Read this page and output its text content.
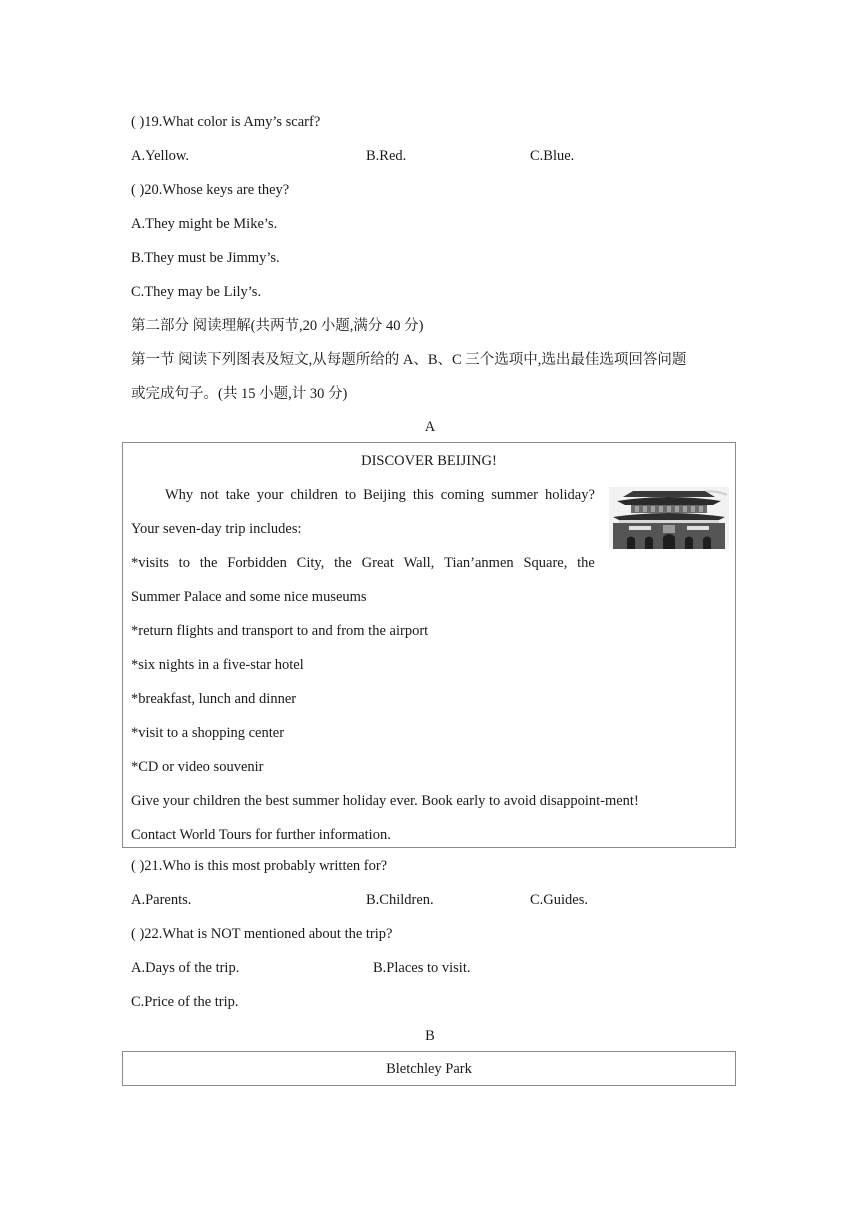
( )19.What color is Amy’s scarf?
A.Yellow.	B.Red.	C.Blue.
( )20.Whose keys are they?
A.They might be Mike’s.
B.They must be Jimmy’s.
C.They may be Lily’s.
第二部分 阅读理解(共两节,20 小题,满分 40 分)
第一节 阅读下列图表及短文,从每题所给的 A、B、C 三个选项中,选出最佳选项回答问题
或完成句子。(共 15 小题,计 30 分)
A
DISCOVER BEIJING!
Why not take your children to Beijing this coming summer holiday?
Your seven-day trip includes:
*visits to the Forbidden City, the Great Wall, Tian’anmen Square, the
Summer Palace and some nice museums
*return flights and transport to and from the airport
*six nights in a five-star hotel
*breakfast, lunch and dinner
*visit to a shopping center
*CD or video souvenir
Give your children the best summer holiday ever. Book early to avoid disappoint-ment!
Contact World Tours for further information.
( )21.Who is this most probably written for?
A.Parents.	B.Children.	C.Guides.
( )22.What is NOT mentioned about the trip?
A.Days of the trip.	B.Places to visit.
C.Price of the trip.
B
Bletchley Park
